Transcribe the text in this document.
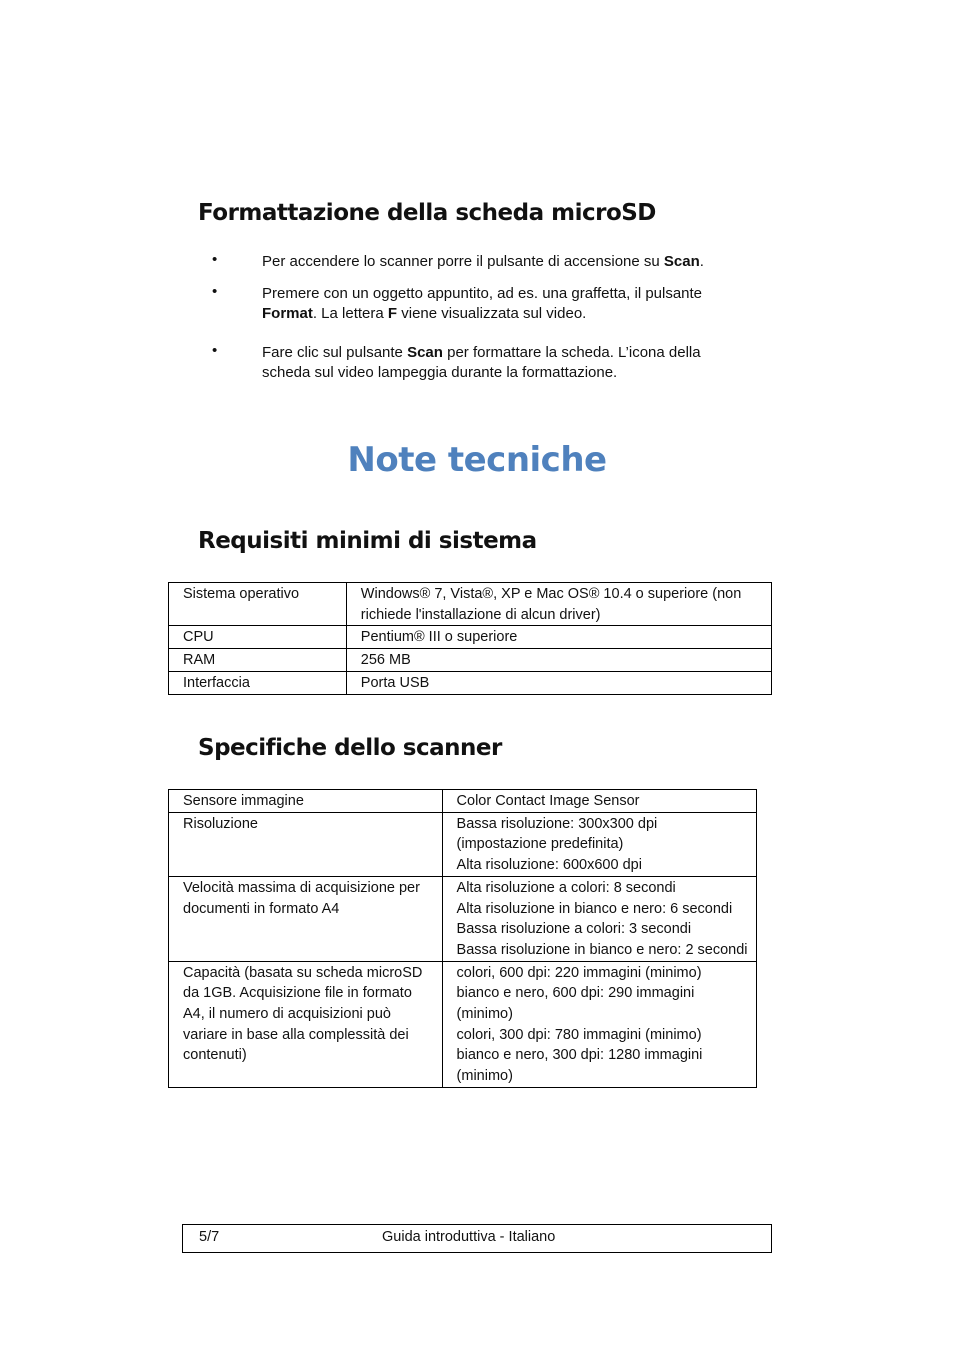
Formattazione della scheda microSD
•	Per accendere lo scanner porre il pulsante di accensione su Scan.
•	Premere con un oggetto appuntito, ad es. una graffetta, il pulsante Format. La lettera F viene visualizzata sul video.
•	Fare clic sul pulsante Scan per formattare la scheda. L’icona della scheda sul video lampeggia durante la formattazione.
Note tecniche
Requisiti minimi di sistema
Sistema operativo	Windows® 7, Vista®, XP e Mac OS® 10.4 o superiore (non richiede l'installazione di alcun driver)
CPU	Pentium® III o superiore
RAM	256 MB
Interfaccia	Porta USB
Specifiche dello scanner
Sensore immagine	Color Contact Image Sensor

Risoluzione	Bassa risoluzione: 300x300 dpi (impostazione predefinita)
Alta risoluzione: 600x600 dpi

Velocità massima di acquisizione per documenti in formato A4	Alta risoluzione a colori: 8 secondi
Alta risoluzione in bianco e nero: 6 secondi
Bassa risoluzione a colori: 3 secondi
Bassa risoluzione in bianco e nero: 2 secondi

Capacità (basata su scheda microSD da 1GB. Acquisizione file in formato A4, il numero di acquisizioni può variare in base alla complessità dei contenuti)	colori, 600 dpi: 220 immagini (minimo)
bianco e nero, 600 dpi: 290 immagini (minimo)
colori, 300 dpi: 780 immagini (minimo)
bianco e nero, 300 dpi: 1280 immagini (minimo)
5/7	Guida introduttiva - Italiano
